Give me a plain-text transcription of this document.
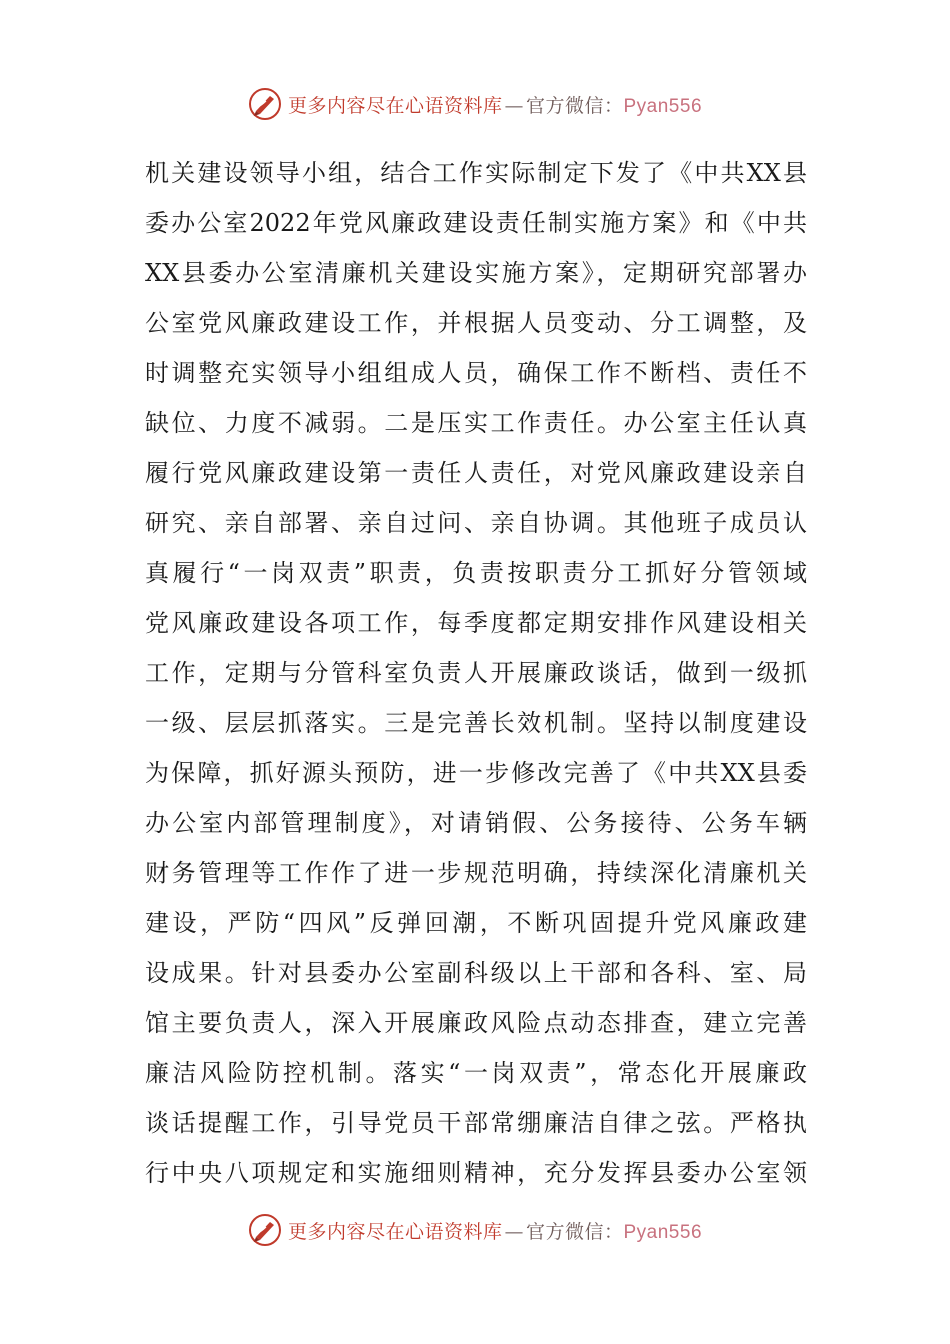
更多内容尽在心语资料库 — 官方微信：Pyan556
机关建设领导小组，结合工作实际制定下发了《中共XX县
委办公室2022年党风廉政建设责任制实施方案》和《中共
XX县委办公室清廉机关建设实施方案》，定期研究部署办
公室党风廉政建设工作，并根据人员变动、分工调整，及
时调整充实领导小组组成人员，确保工作不断档、责任不
缺位、力度不减弱。二是压实工作责任。办公室主任认真
履行党风廉政建设第一责任人责任，对党风廉政建设亲自
研究、亲自部署、亲自过问、亲自协调。其他班子成员认
真履行“一岗双责”职责，负责按职责分工抓好分管领域
党风廉政建设各项工作，每季度都定期安排作风建设相关
工作，定期与分管科室负责人开展廉政谈话，做到一级抓
一级、层层抓落实。三是完善长效机制。坚持以制度建设
为保障，抓好源头预防，进一步修改完善了《中共XX县委
办公室内部管理制度》，对请销假、公务接待、公务车辆
财务管理等工作作了进一步规范明确，持续深化清廉机关
建设，严防“四风”反弹回潮，不断巩固提升党风廉政建
设成果。针对县委办公室副科级以上干部和各科、室、局
馆主要负责人，深入开展廉政风险点动态排查，建立完善
廉洁风险防控机制。落实“一岗双责”，常态化开展廉政
谈话提醒工作，引导党员干部常绷廉洁自律之弦。严格执
行中央八项规定和实施细则精神，充分发挥县委办公室领
更多内容尽在心语资料库 — 官方微信：Pyan556
